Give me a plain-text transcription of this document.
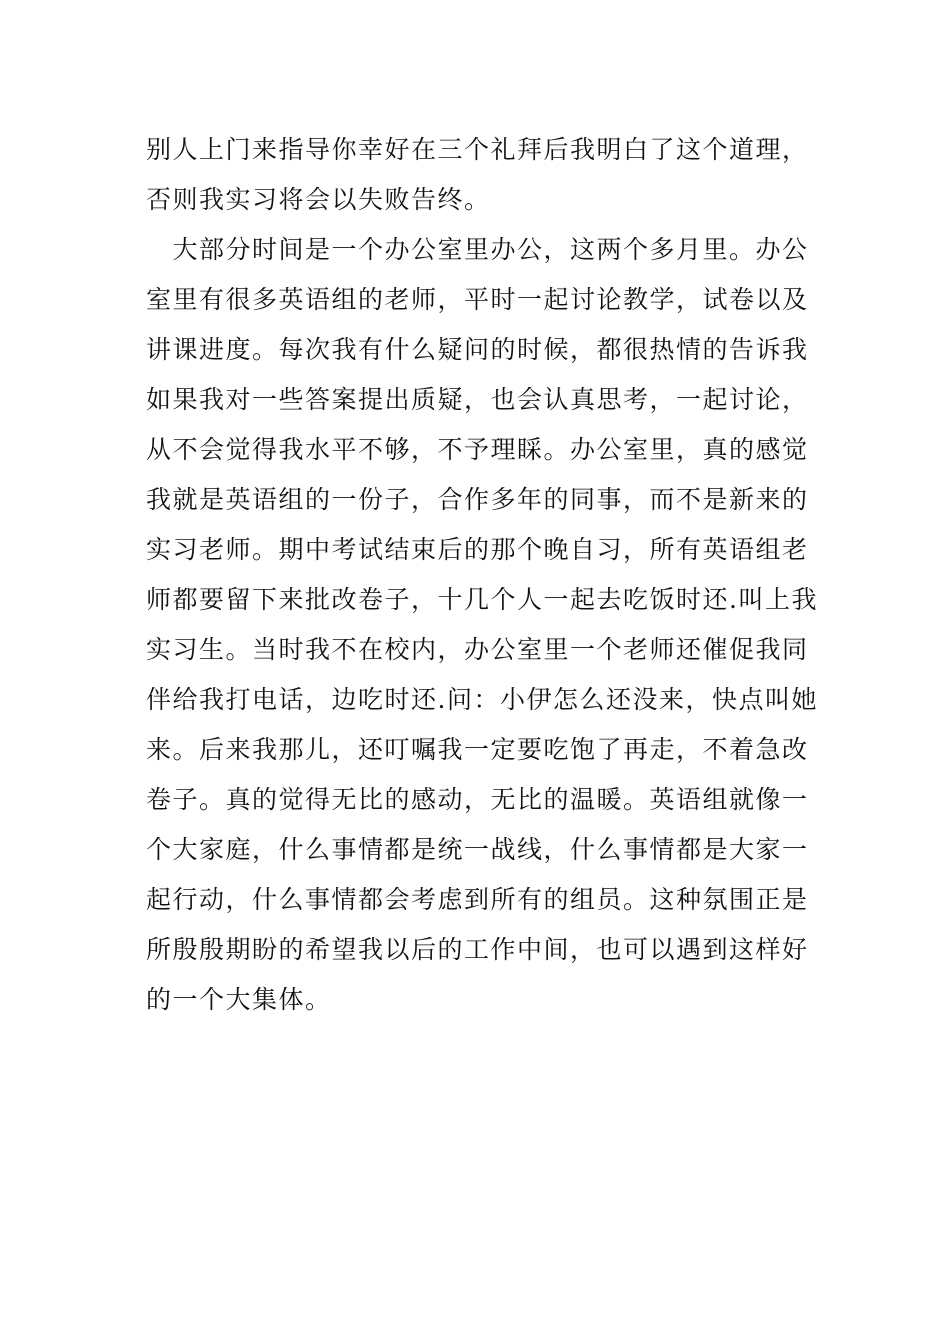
别人上门来指导你幸好在三个礼拜后我明白了这个道理，
否则我实习将会以失败告终。
　大部分时间是一个办公室里办公，这两个多月里。办公
室里有很多英语组的老师，平时一起讨论教学，试卷以及
讲课进度。每次我有什么疑问的时候，都很热情的告诉我
如果我对一些答案提出质疑，也会认真思考，一起讨论，
从不会觉得我水平不够，不予理睬。办公室里，真的感觉
我就是英语组的一份子，合作多年的同事，而不是新来的
实习老师。期中考试结束后的那个晚自习，所有英语组老
师都要留下来批改卷子，十几个人一起去吃饭时还.叫上我
实习生。当时我不在校内，办公室里一个老师还催促我同
伴给我打电话，边吃时还.问：小伊怎么还没来，快点叫她
来。后来我那儿，还叮嘱我一定要吃饱了再走，不着急改
卷子。真的觉得无比的感动，无比的温暖。英语组就像一
个大家庭，什么事情都是统一战线，什么事情都是大家一
起行动，什么事情都会考虑到所有的组员。这种氛围正是
所殷殷期盼的希望我以后的工作中间，也可以遇到这样好
的一个大集体。
